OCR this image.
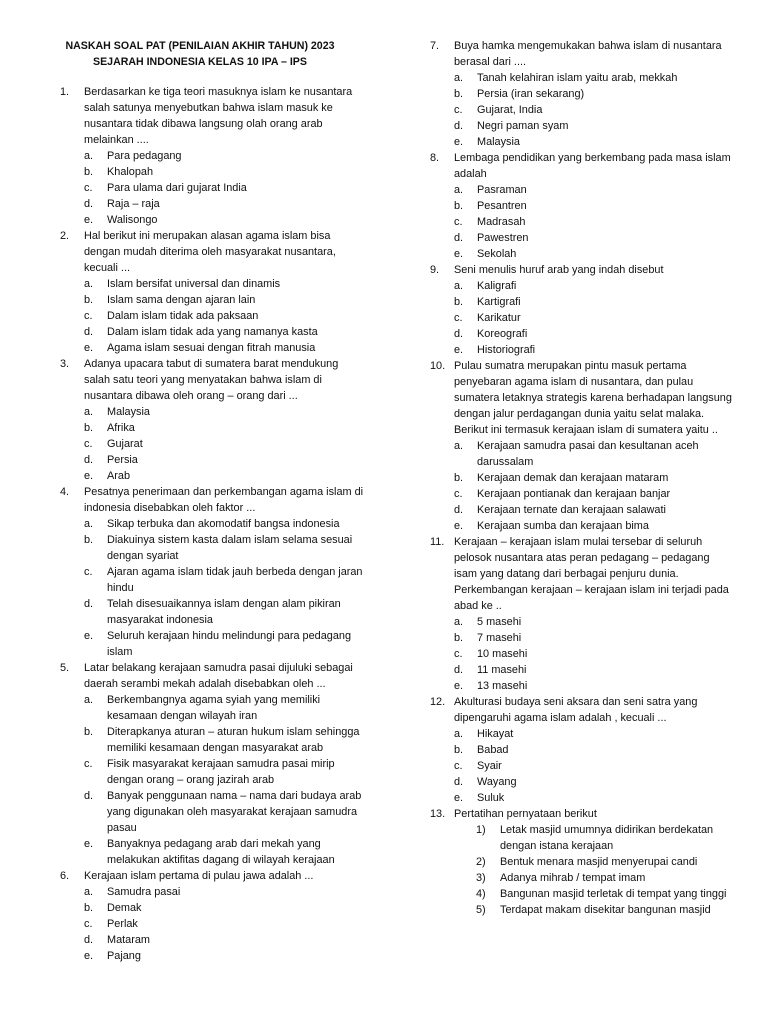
NASKAH SOAL PAT (PENILAIAN AKHIR TAHUN) 2023
SEJARAH INDONESIA KELAS 10 IPA – IPS
1. Berdasarkan ke tiga teori masuknya islam ke nusantara salah satunya menyebutkan bahwa islam masuk ke nusantara tidak dibawa langsung olah orang arab melainkan ....
a. Para pedagang
b. Khalopah
c. Para ulama dari gujarat India
d. Raja – raja
e. Walisongo
2. Hal berikut ini merupakan alasan agama islam bisa dengan mudah diterima oleh masyarakat nusantara, kecuali ...
a. Islam bersifat universal dan dinamis
b. Islam sama dengan ajaran lain
c. Dalam islam tidak ada paksaan
d. Dalam islam tidak ada yang namanya kasta
e. Agama islam sesuai dengan fitrah manusia
3. Adanya upacara tabut di sumatera barat mendukung salah satu teori yang menyatakan bahwa islam di nusantara dibawa oleh orang – orang dari ...
a. Malaysia
b. Afrika
c. Gujarat
d. Persia
e. Arab
4. Pesatnya penerimaan dan perkembangan agama islam di indonesia disebabkan oleh faktor ...
a. Sikap terbuka dan akomodatif bangsa indonesia
b. Diakuinya sistem kasta dalam islam selama sesuai dengan syariat
c. Ajaran agama islam tidak jauh berbeda dengan jaran hindu
d. Telah disesuaikannya islam dengan alam pikiran masyarakat indonesia
e. Seluruh kerajaan hindu melindungi para pedagang islam
5. Latar belakang kerajaan samudra pasai dijuluki sebagai daerah serambi mekah adalah disebabkan oleh ...
a. Berkembangnya agama syiah yang memiliki kesamaan dengan wilayah iran
b. Diterapkanya aturan – aturan hukum islam sehingga memiliki kesamaan dengan masyarakat arab
c. Fisik masyarakat kerajaan samudra pasai mirip dengan orang – orang jazirah arab
d. Banyak penggunaan nama – nama dari budaya arab yang digunakan oleh masyarakat kerajaan samudra pasau
e. Banyaknya pedagang arab dari mekah yang melakukan aktifitas dagang di wilayah kerajaan
6. Kerajaan islam pertama di pulau jawa adalah ...
a. Samudra pasai
b. Demak
c. Perlak
d. Mataram
e. Pajang
7. Buya hamka mengemukakan bahwa islam di nusantara berasal dari ....
a. Tanah kelahiran islam yaitu arab, mekkah
b. Persia (iran sekarang)
c. Gujarat, India
d. Negri paman syam
e. Malaysia
8. Lembaga pendidikan yang berkembang pada masa islam adalah
a. Pasraman
b. Pesantren
c. Madrasah
d. Pawestren
e. Sekolah
9. Seni menulis huruf arab yang indah disebut
a. Kaligrafi
b. Kartigrafi
c. Karikatur
d. Koreografi
e. Historiografi
10. Pulau sumatra merupakan pintu masuk pertama penyebaran agama islam di nusantara, dan pulau sumatera letaknya strategis karena berhadapan langsung dengan jalur perdagangan dunia yaitu selat malaka. Berikut ini termasuk kerajaan islam di sumatera yaitu ..
a. Kerajaan samudra pasai dan kesultanan aceh darussalam
b. Kerajaan demak dan kerajaan mataram
c. Kerajaan pontianak dan kerajaan banjar
d. Kerajaan ternate dan kerajaan salawati
e. Kerajaan sumba dan kerajaan bima
11. Kerajaan – kerajaan islam mulai tersebar di seluruh pelosok nusantara atas peran pedagang – pedagang isam yang datang dari berbagai penjuru dunia. Perkembangan kerajaan – kerajaan islam ini terjadi pada abad ke ..
a. 5 masehi
b. 7 masehi
c. 10 masehi
d. 11 masehi
e. 13 masehi
12. Akulturasi budaya seni aksara dan seni satra yang dipengaruhi agama islam adalah , kecuali ...
a. Hikayat
b. Babad
c. Syair
d. Wayang
e. Suluk
13. Pertatihan pernyataan berikut
1) Letak masjid umumnya didirikan berdekatan dengan istana kerajaan
2) Bentuk menara masjid menyerupai candi
3) Adanya mihrab / tempat imam
4) Bangunan masjid terletak di tempat yang tinggi
5) Terdapat makam disekitar bangunan masjid
